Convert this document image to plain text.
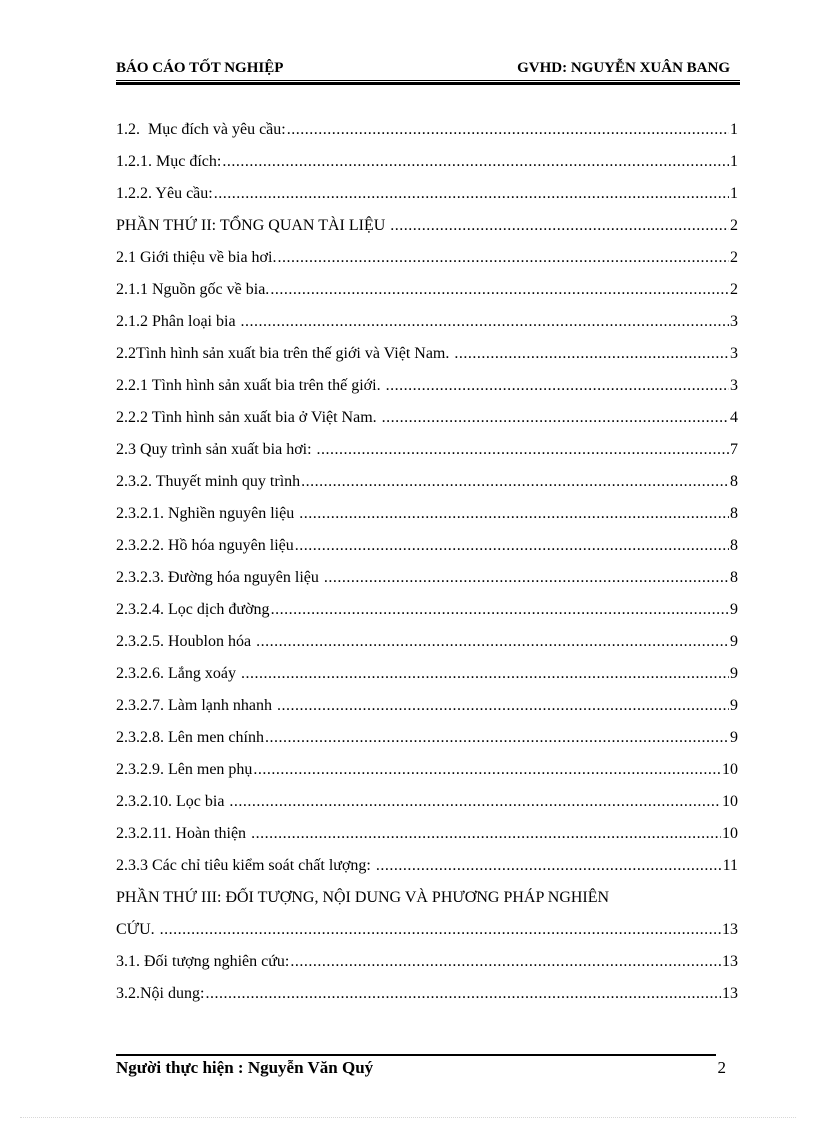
BÁO CÁO TỐT NGHIỆP	GVHD: NGUYỄN XUÂN BANG
1.2.  Mục đích và yêu cầu: .....	1
1.2.1. Mục đích: .....	1
1.2.2. Yêu cầu: .....	1
PHẦN THỨ II: TỔNG QUAN TÀI LIỆU .....	2
2.1 Giới thiệu về bia hơi. .....	2
2.1.1 Nguồn gốc về bia. .....	2
2.1.2 Phân loại bia .....	3
2.2Tình hình sản xuất bia trên thế giới và Việt Nam. .....	3
2.2.1 Tình hình sản xuất bia trên thế giới. .....	3
2.2.2 Tình hình sản xuất bia ở Việt Nam. .....	4
2.3 Quy trình sản xuất bia hơi: .....	7
2.3.2. Thuyết minh quy trình .....	8
2.3.2.1. Nghiền nguyên liệu .....	8
2.3.2.2. Hồ hóa nguyên liệu .....	8
2.3.2.3. Đường hóa nguyên liệu .....	8
2.3.2.4. Lọc dịch đường .....	9
2.3.2.5. Houblon hóa .....	9
2.3.2.6. Lắng xoáy .....	9
2.3.2.7. Làm lạnh nhanh .....	9
2.3.2.8. Lên men chính .....	9
2.3.2.9. Lên men phụ .....	10
2.3.2.10. Lọc bia .....	10
2.3.2.11. Hoàn thiện .....	10
2.3.3 Các chỉ tiêu kiểm soát chất lượng: .....	11
PHẦN THỨ III: ĐỐI TƯỢNG, NỘI DUNG VÀ PHƯƠNG PHÁP NGHIÊN
CỨU. .....	13
3.1. Đối tượng nghiên cứu: .....	13
3.2.Nội dung: .....	13
Người thực hiện : Nguyễn Văn Quý	2
